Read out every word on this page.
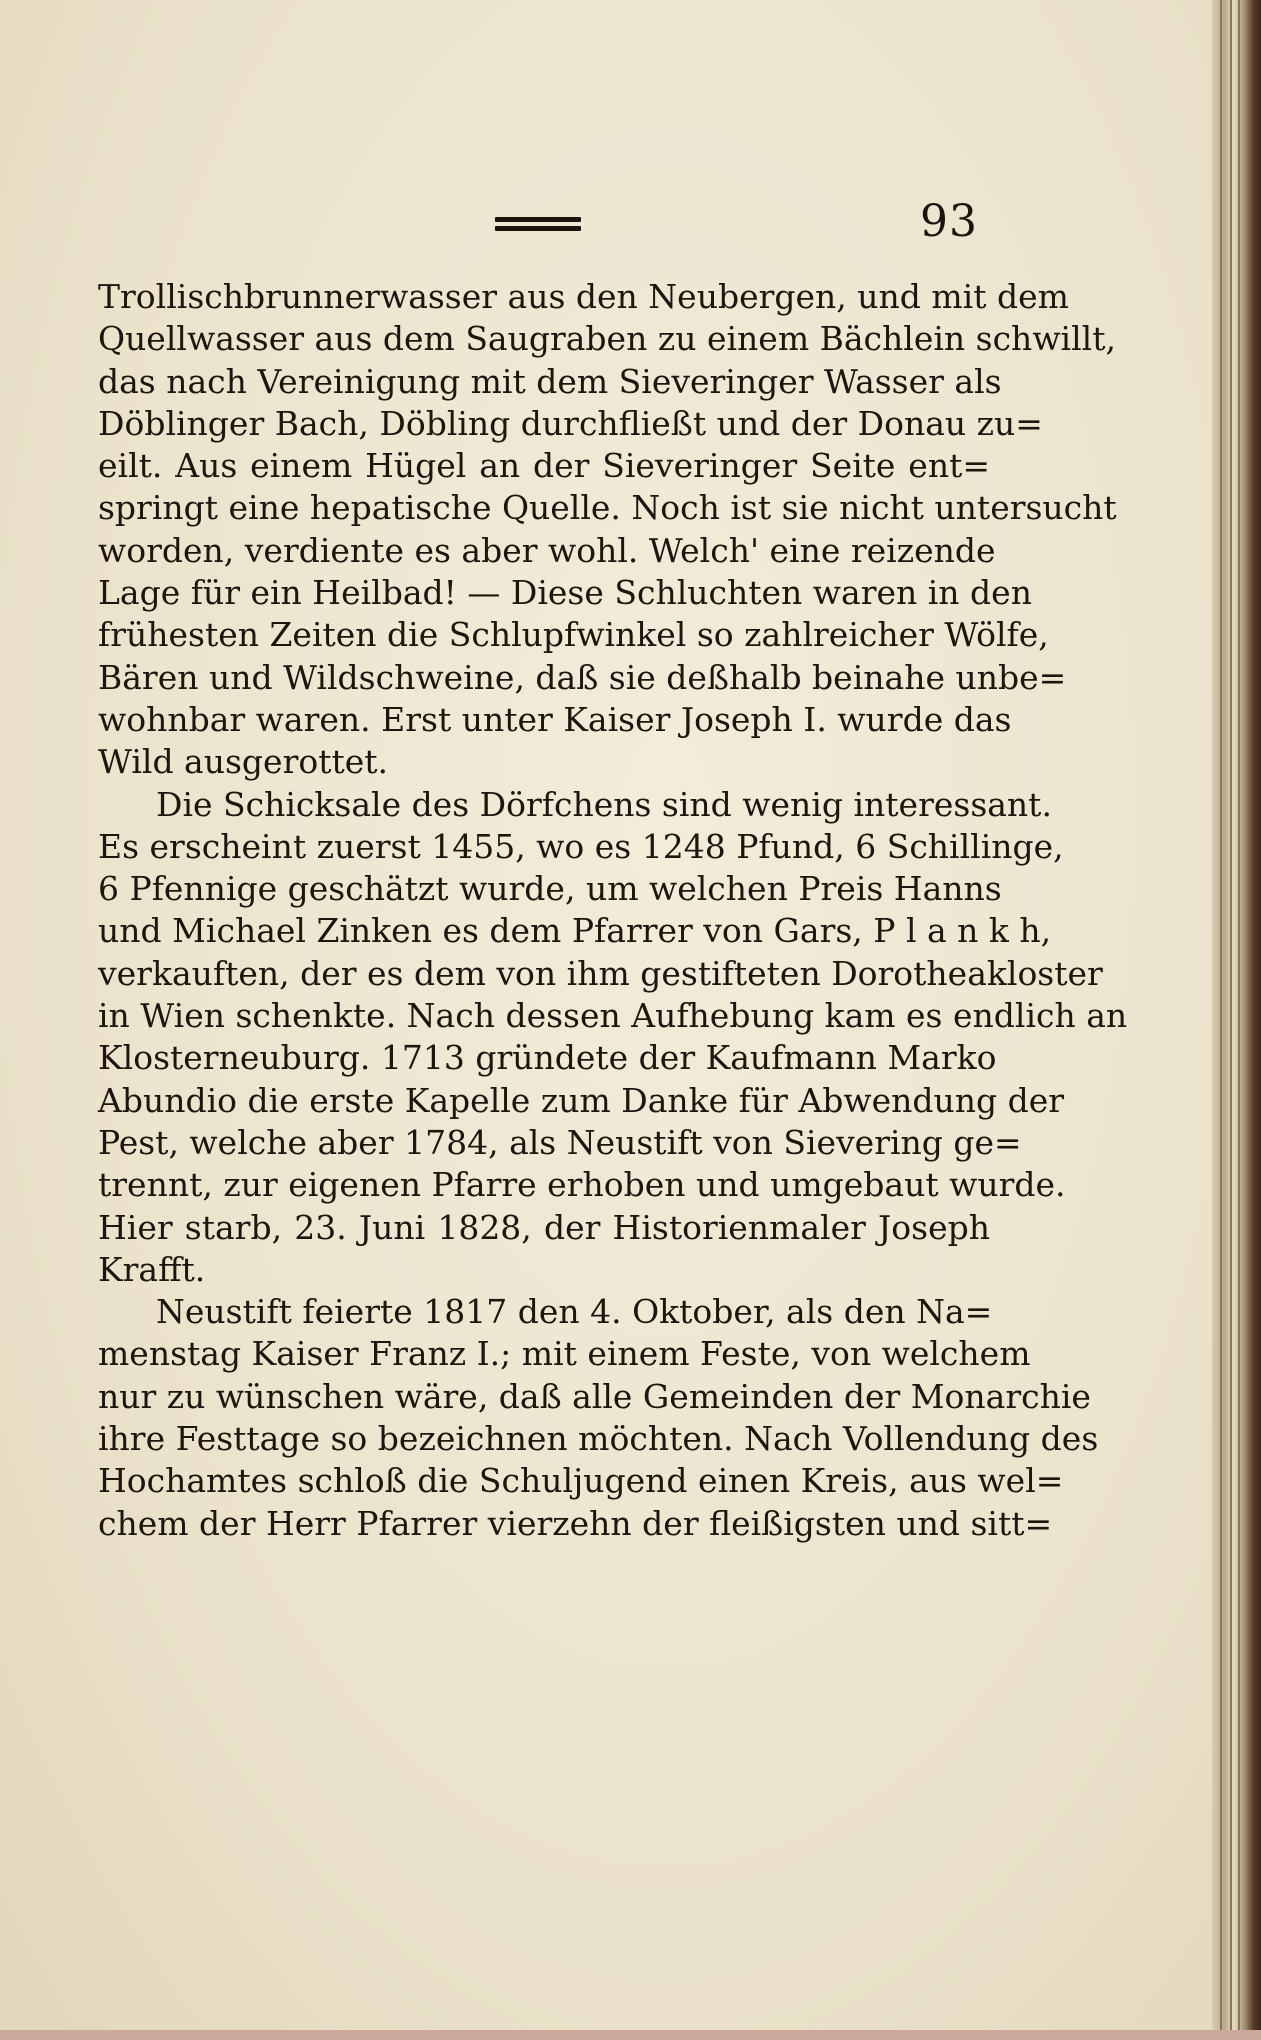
93
Trollischbrunnerwasser aus den Neubergen, und mit dem
Quellwasser aus dem Saugraben zu einem Bächlein schwillt,
das nach Vereinigung mit dem Sieveringer Wasser als
Döblinger Bach, Döbling durchfließt und der Donau zu=
eilt. Aus einem Hügel an der Sieveringer Seite ent=
springt eine hepatische Quelle. Noch ist sie nicht untersucht
worden, verdiente es aber wohl. Welch' eine reizende
Lage für ein Heilbad! — Diese Schluchten waren in den
frühesten Zeiten die Schlupfwinkel so zahlreicher Wölfe,
Bären und Wildschweine, daß sie deßhalb beinahe unbe=
wohnbar waren. Erst unter Kaiser Joseph I. wurde das
Wild ausgerottet.
Die Schicksale des Dörfchens sind wenig interessant.
Es erscheint zuerst 1455, wo es 1248 Pfund, 6 Schillinge,
6 Pfennige geschätzt wurde, um welchen Preis Hanns
und Michael Zinken es dem Pfarrer von Gars, P l a n k h,
verkauften, der es dem von ihm gestifteten Dorotheakloster
in Wien schenkte. Nach dessen Aufhebung kam es endlich an
Klosterneuburg. 1713 gründete der Kaufmann Marko
Abundio die erste Kapelle zum Danke für Abwendung der
Pest, welche aber 1784, als Neustift von Sievering ge=
trennt, zur eigenen Pfarre erhoben und umgebaut wurde.
Hier starb, 23. Juni 1828, der Historienmaler Joseph
Krafft.
Neustift feierte 1817 den 4. Oktober, als den Na=
menstag Kaiser Franz I.; mit einem Feste, von welchem
nur zu wünschen wäre, daß alle Gemeinden der Monarchie
ihre Festtage so bezeichnen möchten. Nach Vollendung des
Hochamtes schloß die Schuljugend einen Kreis, aus wel=
chem der Herr Pfarrer vierzehn der fleißigsten und sitt=
